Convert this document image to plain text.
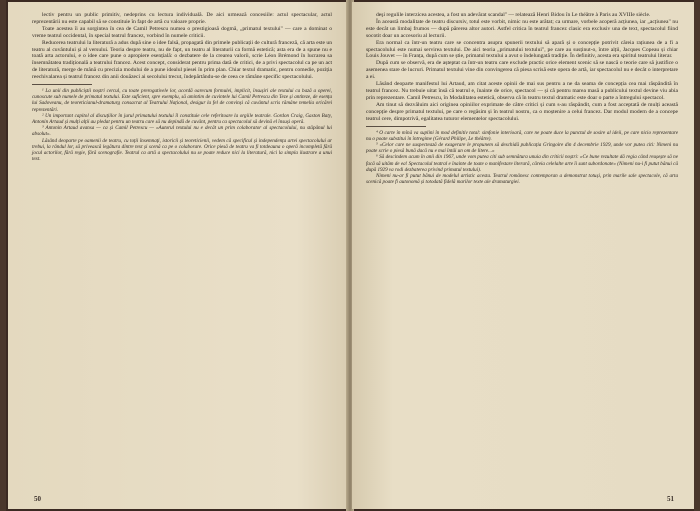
lectiv pentru un public primitiv, nedeprins cu lectura individuală. De aici urmează concesiile: actul spectacular, actul reprezentării nu este capabil să se constituie în fapt de artă cu valoare proprie.

Toate acestea îi au sorgintea în cea de Camil Petrescu numea o prestigioasă dogmă, „primatul textului" — care a dominat o vreme teatrul occidental, în special teatrul francez, vorbind în numele criticii.

Reducerea teatrului la literatură a adus după sine o idee falsă, propagată din primele publicații de cultură franceză, că arta este un teatru al cuvântului și al versului. Teoria despre teatru, nu de fapt, un teatru al literaturii ca formă estetică; asta era de a spune nu e toată arta actorului, e o idee care pune o apropiere esențială: o dezbatere de la crearea valorii, scrie Léon Brémond în lucrarea sa însemnătatea tradițională a teatrului francez. Acest concept, considerat pentru prima dată de critici, de a privi spectacolul ca pe un act de literatură, merge de mână cu precizia modului de a pune idealul piesei în prim plan. Chiar textul dramatic, pentru comedie, poziția reechivalarea și teatrul francez din anii douăzeci ai secolului trecut, îndepărtându-se de ceea ce rămâne specific spectacolului.

¹ La unii din publiciștii noștri cercul, cu toate prerogativele lor, acordă oarecum formulei, implicit, însușiri ale textului ca bază a operei, cunoscute sub numele de primatul textului. Este suficient, spre exemplu, să amintim de cuvintele lui Camil Petrescu din Teze și antiteze, de esența lui Sadoveanu, de teoreticianul-dramaturg consacrat al Teatrului Național, desigur la fel de convinși că cuvântul scris rămâne temelia oricărei reprezentări.

² Un important capitol al discuțiilor în jurul primatului textului îl constituie cele referitoare la orgiile teatrale. Gordon Craig, Gaston Baty, Antonin Artaud și mulți alții au pledat pentru un teatru care să nu depindă de cuvânt, pentru ca spectacolul să devină el însuși operă.

³ Antonin Artaud avansa — ca și Camil Petrescu — «Autorul textului nu e decât un prim colaborator al spectacolului, nu stăpânul lui absolut».

Lăsând deoparte pe oamenii de teatru, cu toții însemnați, istoricii și teoreticienii, vedem că specificul și independența artei spectacolului ar trebui, la rândul lor, să privească legătura dintre text și scenă ca pe o colaborare. Orice piesă de teatru va fi totdeauna o operă incompletă fără jocul actorilor, fără regie, fără scenografie. Teatrul ca artă a spectacolului nu se poate reduce nici la literatură, nici la simpla ilustrare a unui text.

50

deşi regulile interzicea acestea, a fost un adevărat scandal" — relatează Henri Bidou în Le théâtre à Paris au XVIIIe siècle.

În această modalitate de teatru discursiv, totul este vorbit, nimic nu este arătat; ca urmare, vorbele acoperă acțiunea, iar „acțiunea" nu este decât un limbaj frumos — după părerea altor autori. Astfel critica în teatrul francez clasic era exclusiv una de text, spectacolul fiind socotit doar un accesoriu al lecturii.

Era normal ca într-un teatru care se concentra asupra spunerii textului să apară și o concepție potrivit căreia rațiunea de a fi a spectacolului este numai servirea textului. De aici teoria „primatului textului", pe care au susținut-o, între alții, Jacques Copeau și chiar Louis Jouvet — în Franța, după cum se știe, primatul textului a avut o îndelungată tradiție. În definitiv, acesta era spiritul teatrului literar.

După cum se observă, era de așteptat ca într-un teatru care exclude practic orice element scenic să se nască o teorie care să justifice o asemenea stare de lucruri. Primatul textului vine din convingerea că piesa scrisă este opera de artă, iar spectacolul nu e decât o interpretare a ei.

Lăsând deoparte manifestul lui Artaud, am citat aceste opinii de mai sus pentru a ne da seama de concepția cea mai răspândită în teatrul francez. Nu trebuie uitat însă că teatrul e, înainte de orice, spectacol — și că pentru marea masă a publicului textul devine viu abia prin reprezentare. Camil Petrescu, în Modalitatea estetică, observa că în teatru textul dramatic este doar o parte a întregului spectacol.

Am tinut să dezvăluim aici originea opiniilor exprimate de către critici și cum s-au răspândit, cum a fost acceptată de mulți această concepție despre primatul textului, pe care o regăsim și în teatrul nostru, ca o moștenire a celui francez. Dar modul modern de a concepe teatrul cere, dimpotrivă, egalitatea tuturor elementelor spectacolului.

⁴ O carte în mînă va suplini în mod definitiv total: simfonie interioară, care ne poate duce la punctul de sosire al ideii, pe care nicio reprezentare nu o poate substitui în întregime (Gérard Philipe, Le théâtre).

⁵ «Celor care ne suspectează de exagerare le propunem să deschidă publicația Gringoire din 4 decembrie 1929, unde vor putea citi: Nimeni nu poate scrie o piesă bună dacă nu e mai întâi un om de litere...»

⁶ Să descindem acum în anii din 1967, unde vom putea citi sub semnătura unuia din criticii noștri: «Ce bune rezultate dă regia când reușește să ne facă să uităm de ea! Spectacolul teatral e înainte de toate o manifestare literară, căreia celelalte arte îi sunt subordonate» (Nimeni nu-i fi putut bănui că după 1929 va rodi dezbaterea privind primatul textului).

Nimeni nu-ar fi putut bănui de modelul artistic acesta. Teatrul românesc contemporan a demonstrat totuși, prin marile sale spectacole, că arta scenică poate fi autonomă și totodată fidelă marilor texte ale dramaturgiei.

51
